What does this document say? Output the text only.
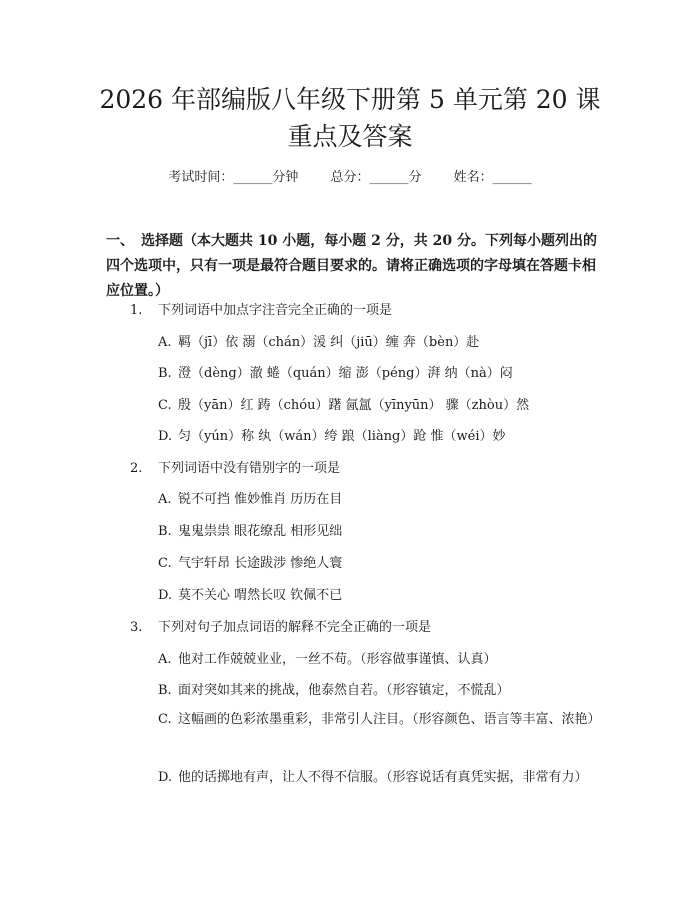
2026 年部编版八年级下册第 5 单元第 20 课
重点及答案
考试时间：______分钟 总分：______分 姓名：______

一、　选择题（本大题共 10 小题，每小题 2 分，共 20 分。下列每小题列出的四个选项中，只有一项是最符合题目要求的。请将正确选项的字母填在答题卡相应位置。）

1. 下列词语中加点字注音完全正确的一项是
A. 羁（jī）依 溺（chán）湲 纠（jiū）缠 奔（bèn）赴
B. 澄（dèng）澈 蜷（quán）缩 澎（péng）湃 纳（nà）闷
C. 殷（yān）红 踌（chóu）躇 氤氲（yīnyūn） 骤（zhòu）然
D. 匀（yún）称 纨（wán）绔 踉（liàng）跄 惟（wéi）妙
2. 下列词语中没有错别字的一项是
A. 锐不可挡 惟妙惟肖 历历在目
B. 鬼鬼祟祟 眼花缭乱 相形见绌
C. 气宇轩昂 长途跋涉 惨绝人寰
D. 莫不关心 喟然长叹 钦佩不已
3. 下列对句子加点词语的解释不完全正确的一项是
A. 他对工作兢兢业业，一丝不苟。（形容做事谨慎、认真）
B. 面对突如其来的挑战，他泰然自若。（形容镇定，不慌乱）

C. 这幅画的色彩浓墨重彩，非常引人注目。（形容颜色、语言等丰富、浓艳）

D. 他的话掷地有声，让人不得不信服。（形容说话有真凭实据，非常有力）
